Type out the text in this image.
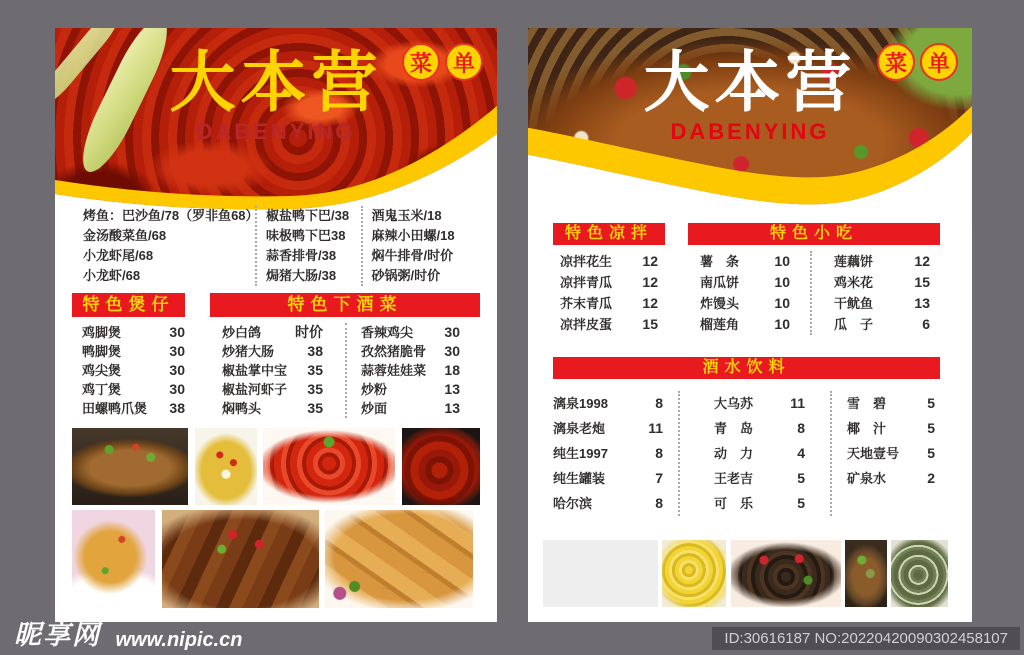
大本营
DABENYING
菜 单
烤鱼：巴沙鱼/78（罗非鱼68）
金汤酸菜鱼/68
小龙虾尾/68
小龙虾/68
椒盐鸭下巴/38
味极鸭下巴38
蒜香排骨/38
焗猪大肠/38
酒鬼玉米/18
麻辣小田螺/18
焖牛排骨/时价
砂锅粥/时价
特色煲仔
鸡脚煲	30
鸭脚煲	30
鸡尖煲	30
鸡丁煲	30
田螺鸭爪煲 38
特色下酒菜
炒白鸽 时价
炒猪大肠 38
椒盐掌中宝 35
椒盐河虾子 35
焖鸭头	35
香辣鸡尖 30
孜然猪脆骨 30
蒜蓉娃娃菜 18
炒粉	13
炒面	13
大本营
DABENYING
菜 单
特色凉拌
凉拌花生 12
凉拌青瓜 12
芥末青瓜 12
凉拌皮蛋 15
特色小吃
薯　条	10
南瓜饼	10
炸馒头	10
榴莲角	10
莲藕饼	12
鸡米花	15
干鱿鱼	13
瓜　子	6
酒水饮料
漓泉1998	8
漓泉老炮	11
纯生1997	8
纯生罐装	7
哈尔滨	8
大乌苏	11
青　岛	8
动　力	4
王老吉	5
可　乐	5
雪　碧	5
椰　汁	5
天地壹号 5
矿泉水	2
昵享网 www.nipic.cn	ID:30616187 NO:20220420090302458107
